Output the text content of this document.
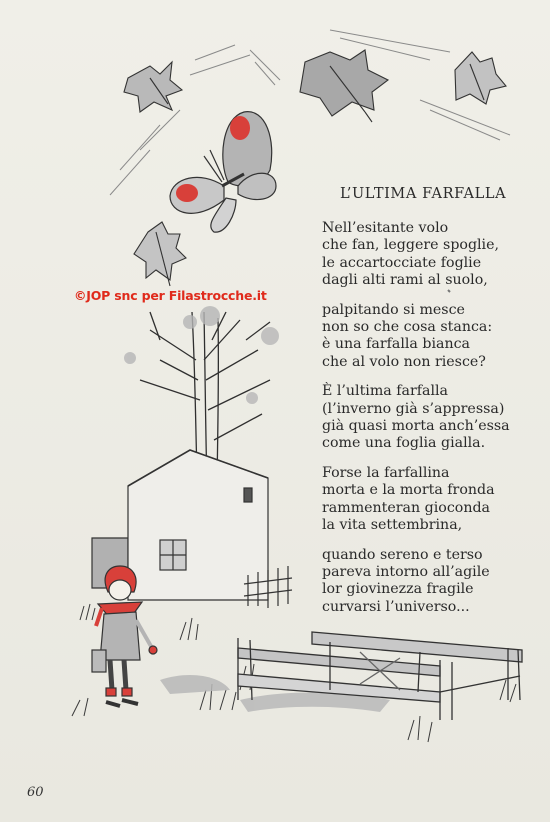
©JOP snc per Filastrocche.it
L’ULTIMA FARFALLA
Nell’esitante volo
che fan, leggere spoglie,
le accartocciate foglie
dagli alti rami al suolo,
palpitando si mesce
non so che cosa stanca:
è una farfalla bianca
che al volo non riesce?
È l’ultima farfalla
(l’inverno già s’appressa)
già quasi morta anch’essa
come una foglia gialla.
Forse la farfallina
morta e la morta fronda
rammenteran gioconda
la vita settembrina,
quando sereno e terso
pareva intorno all’agile
lor giovinezza fragile
curvarsi l’universo...
60
